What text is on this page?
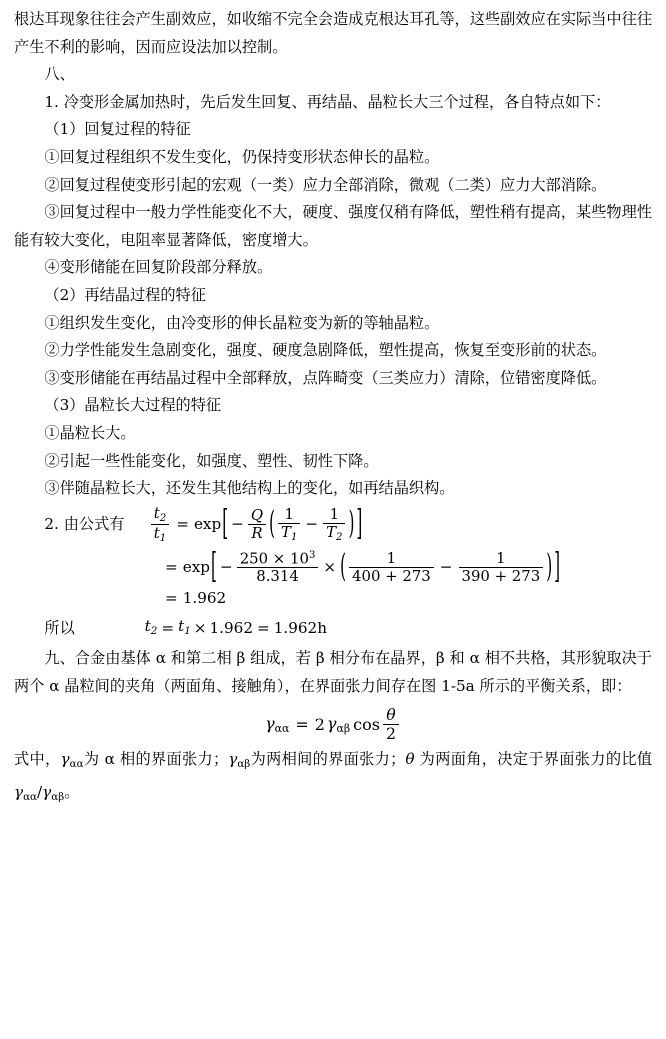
根达耳现象往往会产生副效应，如收缩不完全会造成克根达耳孔等，这些副效应在实际当中往往产生不利的影响，因而应设法加以控制。

八、

1. 冷变形金属加热时，先后发生回复、再结晶、晶粒长大三个过程，各自特点如下：

（1）回复过程的特征

①回复过程组织不发生变化，仍保持变形状态伸长的晶粒。

②回复过程使变形引起的宏观（一类）应力全部消除，微观（二类）应力大部消除。

③回复过程中一般力学性能变化不大，硬度、强度仅稍有降低，塑性稍有提高，某些物理性能有较大变化，电阻率显著降低，密度增大。

④变形储能在回复阶段部分释放。

（2）再结晶过程的特征

①组织发生变化，由冷变形的伸长晶粒变为新的等轴晶粒。

②力学性能发生急剧变化，强度、硬度急剧降低，塑性提高，恢复至变形前的状态。

③变形储能在再结晶过程中全部释放，点阵畸变（三类应力）清除，位错密度降低。

（3）晶粒长大过程的特征

①晶粒长大。

②引起一些性能变化，如强度、塑性、韧性下降。

③伴随晶粒长大，还发生其他结构上的变化，如再结晶织构。

2. 由公式有 $\frac{t_2}{t_1} = \exp$ [ − $\frac{Q}{R}$ ( $\frac{1}{T_1} - \frac{1}{T_2}$ ) ]
= exp [ − $\frac{250 \times 10^3}{8.314}$ × ( $\frac{1}{400 + 273} - \frac{1}{390 + 273}$ ) ]
= 1.962
所以	$t_2 = t_1 \times 1.962 = 1.962h$

九、合金由基体 α 和第二相 β 组成，若 β 相分布在晶界，β 和 α 相不共格，其形貌取决于两个 α 晶粒间的夹角（两面角、接触角），在界面张力间存在图 1-5a 所示的平衡关系，即：

γαα = 2 γαβ $\cos \frac{\theta}{2}$

式中，γαα为 α 相的界面张力；γαβ为两相间的界面张力；θ 为两面角，决定于界面张力的比值 γαα/γαβ。
